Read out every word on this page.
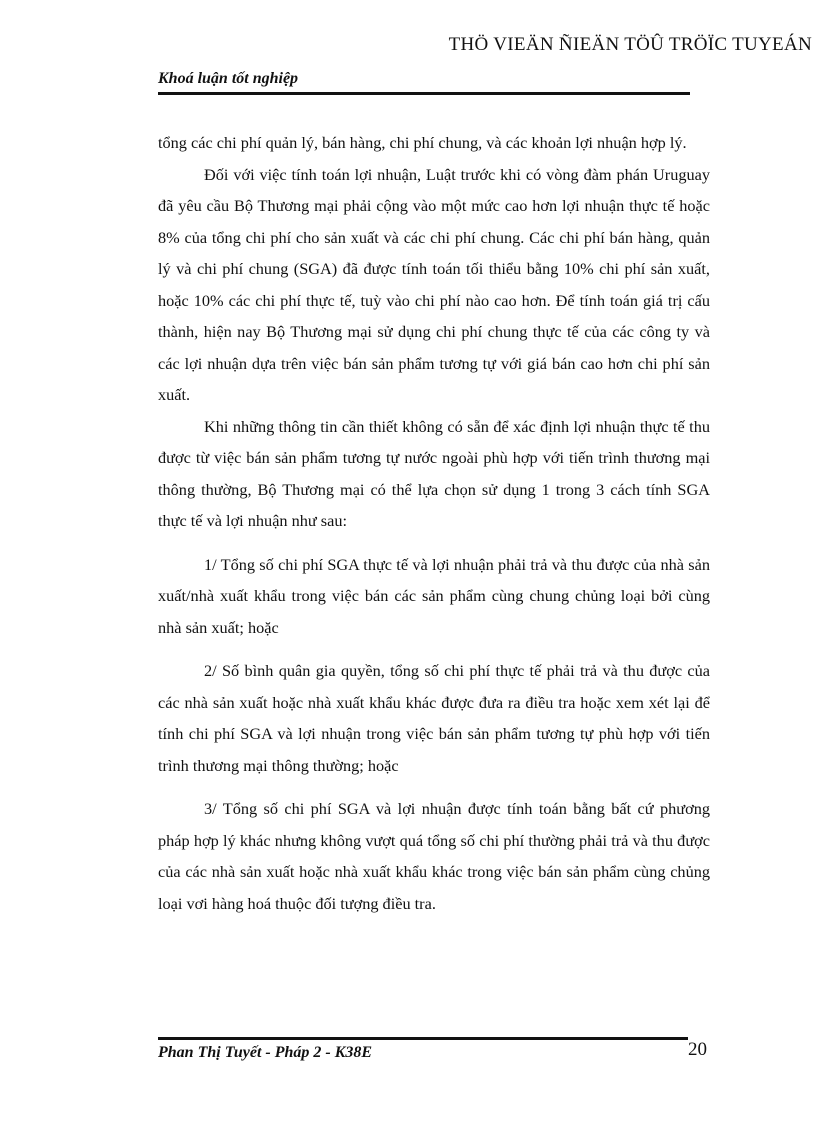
THÖ VIEÄN ÑIEÄN TÖÛ TRÖÏC TUYEÁN
Khoá luận tốt nghiệp

tổng các chi phí quản lý, bán hàng, chi phí chung, và các khoản lợi nhuận hợp lý.

Đối với việc tính toán lợi nhuận, Luật trước khi có vòng đàm phán Uruguay đã yêu cầu Bộ Thương mại phải cộng vào một mức cao hơn lợi nhuận thực tế hoặc 8% của tổng chi phí cho sản xuất và các chi phí chung. Các chi phí bán hàng, quản lý và chi phí chung (SGA) đã được tính toán tối thiểu bằng 10% chi phí sản xuất, hoặc 10% các chi phí thực tế, tuỳ vào chi phí nào cao hơn. Để tính toán giá trị cấu thành, hiện nay Bộ Thương mại sử dụng chi phí chung thực tế của các công ty và các lợi nhuận dựa trên việc bán sản phẩm tương tự với giá bán cao hơn chi phí sản xuất.

Khi những thông tin cần thiết không có sẵn để xác định lợi nhuận thực tế thu được từ việc bán sản phẩm tương tự nước ngoài phù hợp với tiến trình thương mại thông thường, Bộ Thương mại có thể lựa chọn sử dụng 1 trong 3 cách tính SGA thực tế và lợi nhuận như sau:

1/ Tổng số chi phí SGA thực tế và lợi nhuận phải trả và thu được của nhà sản xuất/nhà xuất khẩu trong việc bán các sản phẩm cùng chung chủng loại bởi cùng nhà sản xuất; hoặc

2/ Số bình quân gia quyền, tổng số chi phí thực tế phải trả và thu được của các nhà sản xuất hoặc nhà xuất khẩu khác được đưa ra điều tra hoặc xem xét lại để tính chi phí SGA và lợi nhuận trong việc bán sản phẩm tương tự phù hợp với tiến trình thương mại thông thường; hoặc

3/ Tổng số chi phí SGA và lợi nhuận được tính toán bằng bất cứ phương pháp hợp lý khác nhưng không vượt quá tổng số chi phí thường phải trả và thu được của các nhà sản xuất hoặc nhà xuất khẩu khác trong việc bán sản phẩm cùng chủng loại vơi hàng hoá thuộc đối tượng điều tra.

Phan Thị Tuyết - Pháp 2 - K38E	20
